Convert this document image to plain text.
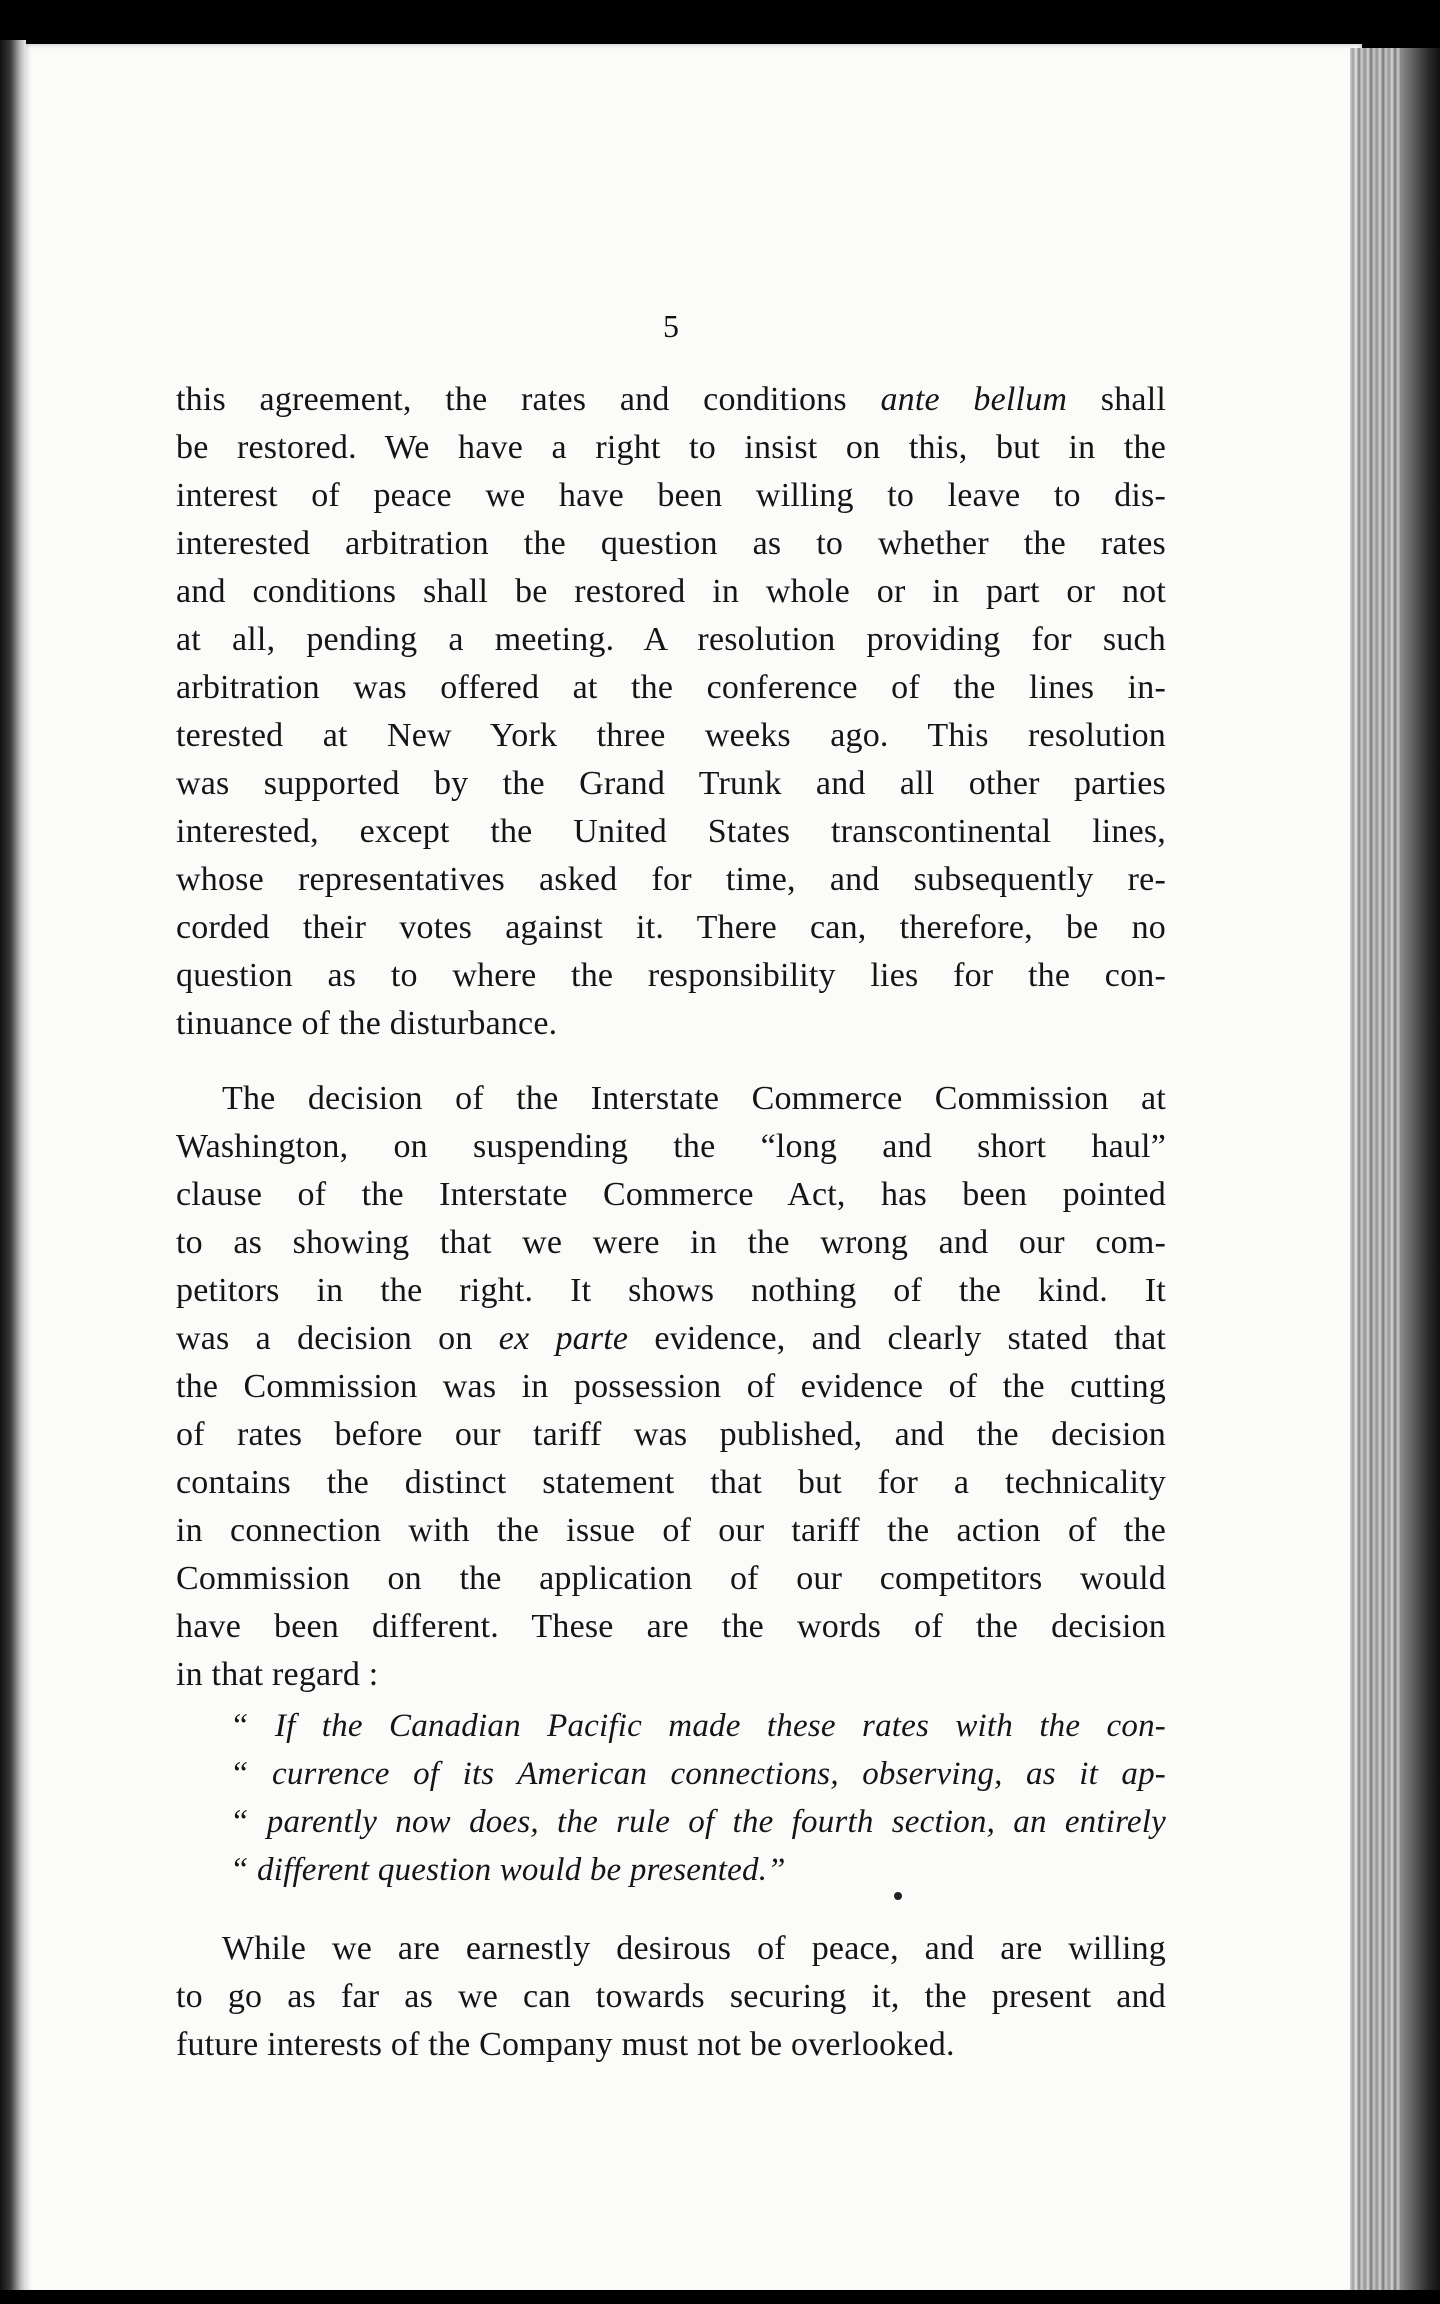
5
this agreement, the rates and conditions ante bellum shall
be restored. We have a right to insist on this, but in the
interest of peace we have been willing to leave to dis-
interested arbitration the question as to whether the rates
and conditions shall be restored in whole or in part or not
at all, pending a meeting. A resolution providing for such
arbitration was offered at the conference of the lines in-
terested at New York three weeks ago. This resolution
was supported by the Grand Trunk and all other parties
interested, except the United States transcontinental lines,
whose representatives asked for time, and subsequently re-
corded their votes against it. There can, therefore, be no
question as to where the responsibility lies for the con-
tinuance of the disturbance.
The decision of the Interstate Commerce Commission at
Washington, on suspending the “long and short haul”
clause of the Interstate Commerce Act, has been pointed
to as showing that we were in the wrong and our com-
petitors in the right. It shows nothing of the kind. It
was a decision on ex parte evidence, and clearly stated that
the Commission was in possession of evidence of the cutting
of rates before our tariff was published, and the decision
contains the distinct statement that but for a technicality
in connection with the issue of our tariff the action of the
Commission on the application of our competitors would
have been different. These are the words of the decision
in that regard :
“ If the Canadian Pacific made these rates with the con-
“ currence of its American connections, observing, as it ap-
“ parently now does, the rule of the fourth section, an entirely
“ different question would be presented.”
While we are earnestly desirous of peace, and are willing
to go as far as we can towards securing it, the present and
future interests of the Company must not be overlooked.
